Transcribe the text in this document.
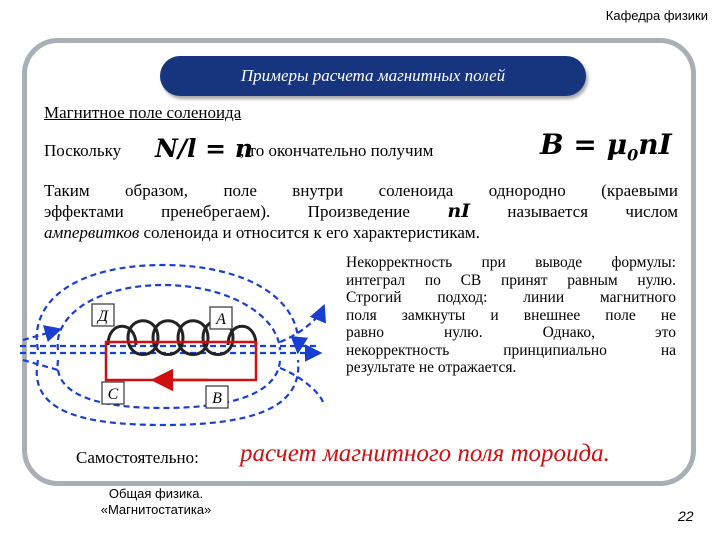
Кафедра физики
Примеры расчета магнитных полей
Магнитное поле соленоида
Поскольку N/l = n
, то окончательно получим	$B = \mu_0nI$
Таким образом, поле внутри соленоида однородно (краевыми
эффектами пренебрегаем). Произведение nI называется числом
ампервитков соленоида и относится к его характеристикам.
Д	А
С	В
Некорректность при выводе формулы:
интеграл по СВ принят равным нулю.
Строгий подход: линии магнитного
поля замкнуты и внешнее поле не
равно нулю. Однако, это
некорректность принципиально на
результате не отражается.
Самостоятельно: расчет магнитного поля тороида.
Общая физика.
«Магнитостатика»	22
